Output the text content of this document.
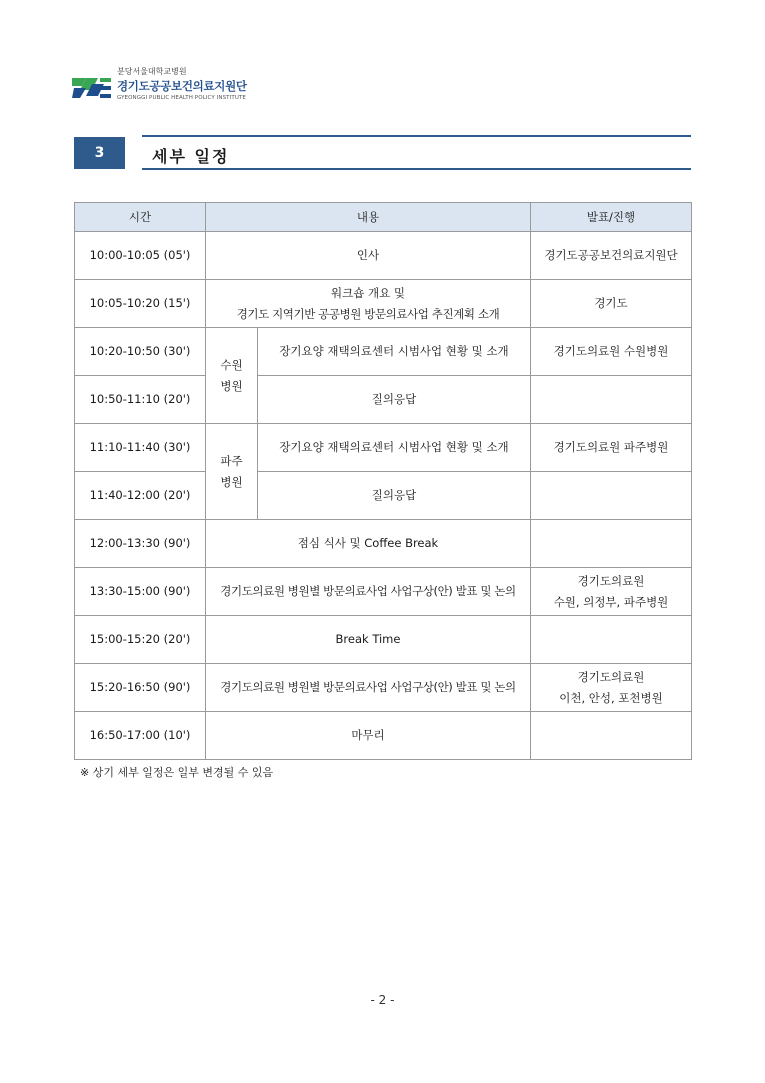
분당서울대학교병원
경기도공공보건의료지원단
GYEONGGI PUBLIC HEALTH POLICY INSTITUTE
3	세부 일정
시간	내용		발표/진행
10:00-10:05 (05')	인사		경기도공공보건의료지원단
10:05-10:20 (15')	워크숍 개요 및
경기도 지역기반 공공병원 방문의료사업 추진계획 소개		경기도
10:20-10:50 (30')	수원
병원	장기요양 재택의료센터 시범사업 현황 및 소개	경기도의료원 수원병원
10:50-11:10 (20')		질의응답	
11:10-11:40 (30')	파주
병원	장기요양 재택의료센터 시범사업 현황 및 소개	경기도의료원 파주병원
11:40-12:00 (20')		질의응답	
12:00-13:30 (90')	점심 식사 및 Coffee Break		
13:30-15:00 (90')	경기도의료원 병원별 방문의료사업 사업구상(안) 발표 및 논의		경기도의료원
수원, 의정부, 파주병원

15:00-15:20 (20')	Break Time		
15:20-16:50 (90')	경기도의료원 병원별 방문의료사업 사업구상(안) 발표 및 논의		경기도의료원
이천, 안성, 포천병원

16:50-17:00 (10')	마무리		
※ 상기 세부 일정은 일부 변경될 수 있음
- 2 -
